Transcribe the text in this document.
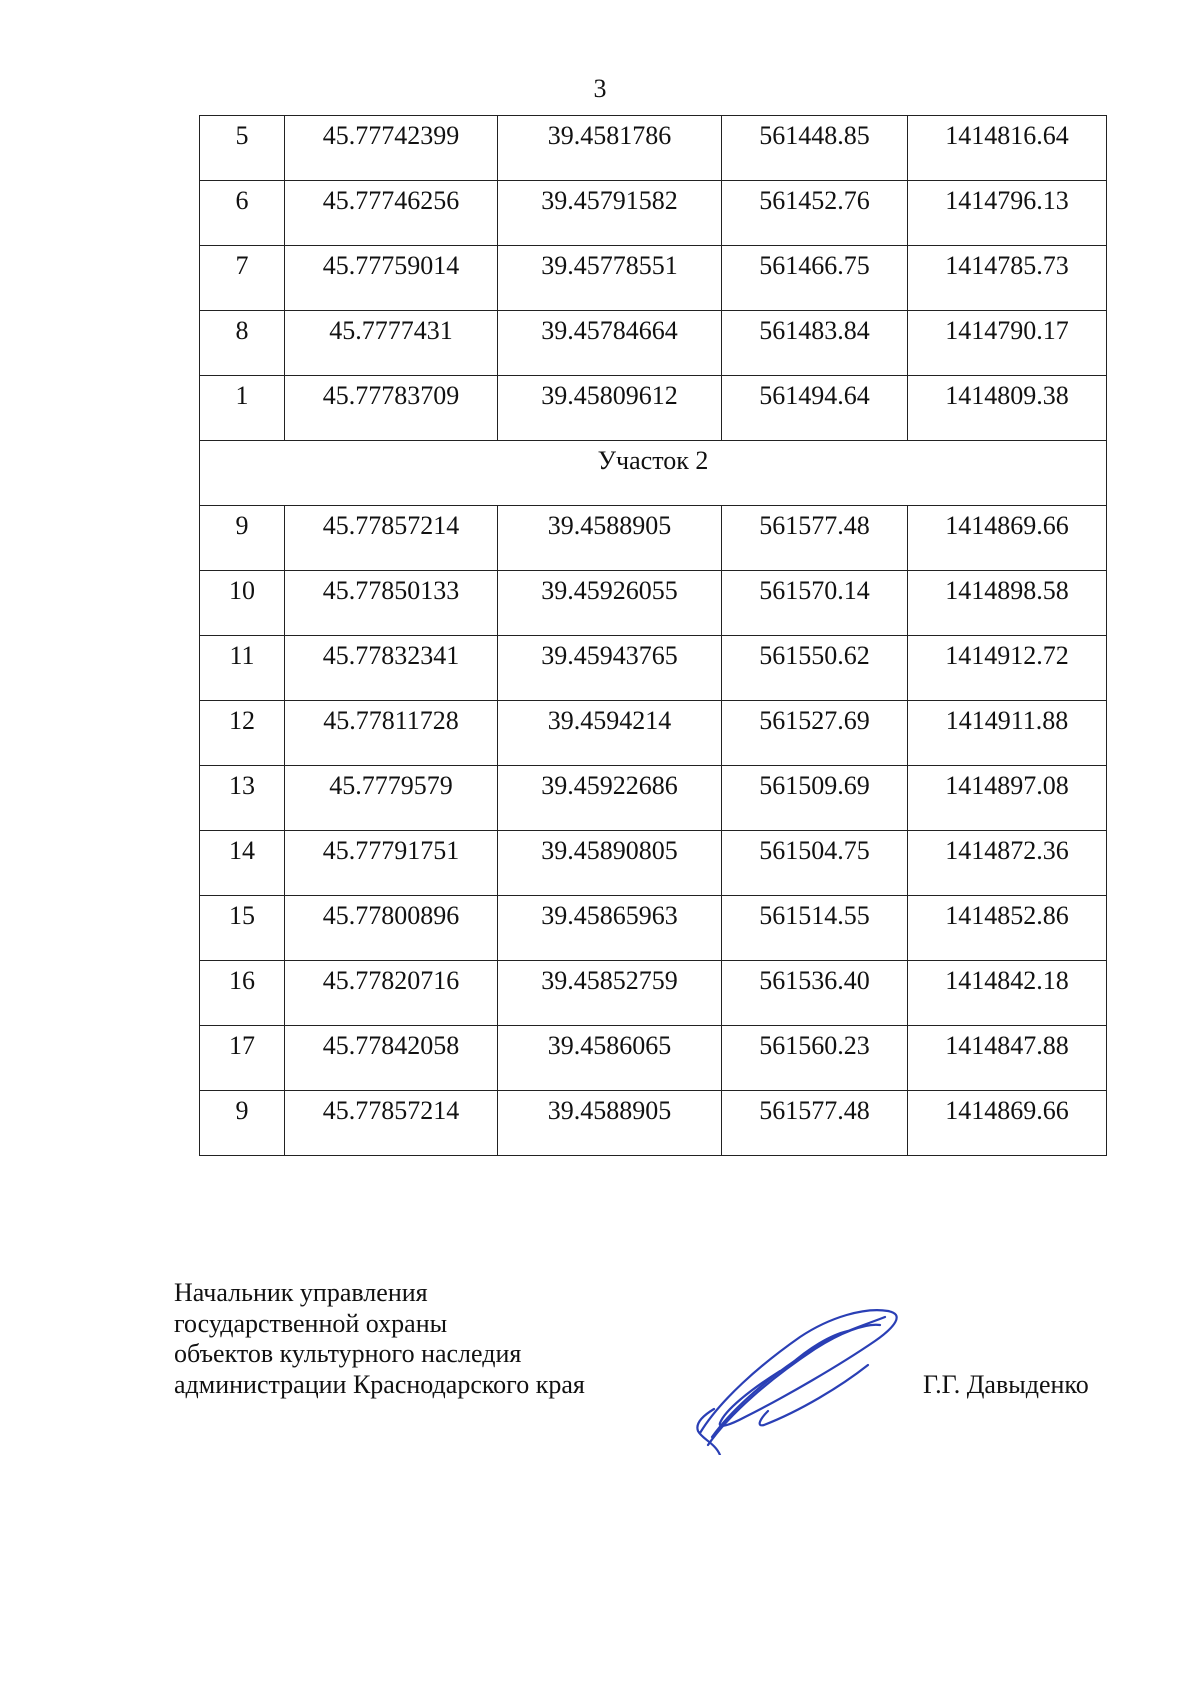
3
5	45.77742399	39.4581786	561448.85	1414816.64
6	45.77746256	39.45791582	561452.76	1414796.13
7	45.77759014	39.45778551	561466.75	1414785.73
8	45.7777431	39.45784664	561483.84	1414790.17
1	45.77783709	39.45809612	561494.64	1414809.38
Участок 2				
9	45.77857214	39.4588905	561577.48	1414869.66
10	45.77850133	39.45926055	561570.14	1414898.58
11	45.77832341	39.45943765	561550.62	1414912.72
12	45.77811728	39.4594214	561527.69	1414911.88
13	45.7779579	39.45922686	561509.69	1414897.08
14	45.77791751	39.45890805	561504.75	1414872.36
15	45.77800896	39.45865963	561514.55	1414852.86
16	45.77820716	39.45852759	561536.40	1414842.18
17	45.77842058	39.4586065	561560.23	1414847.88
9	45.77857214	39.4588905	561577.48	1414869.66
Начальник управления
государственной охраны
объектов культурного наследия
администрации Краснодарского края	Г.Г. Давыденко
